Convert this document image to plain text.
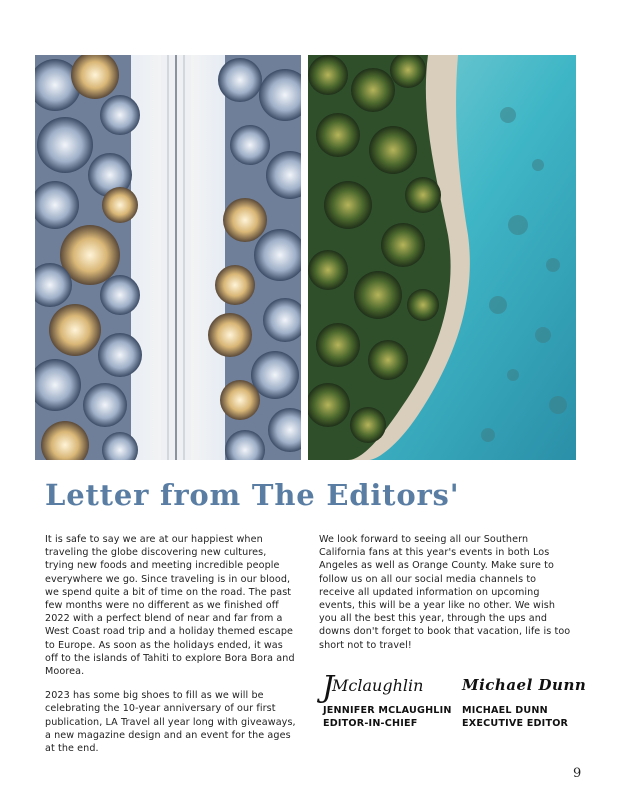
Letter from The Editors'

It is safe to say we are at our happiest when traveling the globe discovering new cultures, trying new foods and meeting incredible people everywhere we go. Since traveling is in our blood, we spend quite a bit of time on the road. The past few months were no different as we finished off 2022 with a perfect blend of near and far from a West Coast road trip and a holiday themed escape to Europe. As soon as the holidays ended, it was off to the islands of Tahiti to explore Bora Bora and Moorea.

2023 has some big shoes to fill as we will be celebrating the 10-year anniversary of our first publication, LA Travel all year long with giveaways, a new magazine design and an event for the ages at the end.

We look forward to seeing all our Southern California fans at this year's events in both Los Angeles as well as Orange County. Make sure to follow us on all our social media channels to receive all updated information on upcoming events, this will be a year like no other. We wish you all the best this year, through the ups and downs don't forget to book that vacation, life is too short not to travel!

JMclaughlin	Michael Dunn
JENNIFER MCLAUGHLIN
EDITOR-IN-CHIEF
MICHAEL DUNN
EXECUTIVE EDITOR
9
